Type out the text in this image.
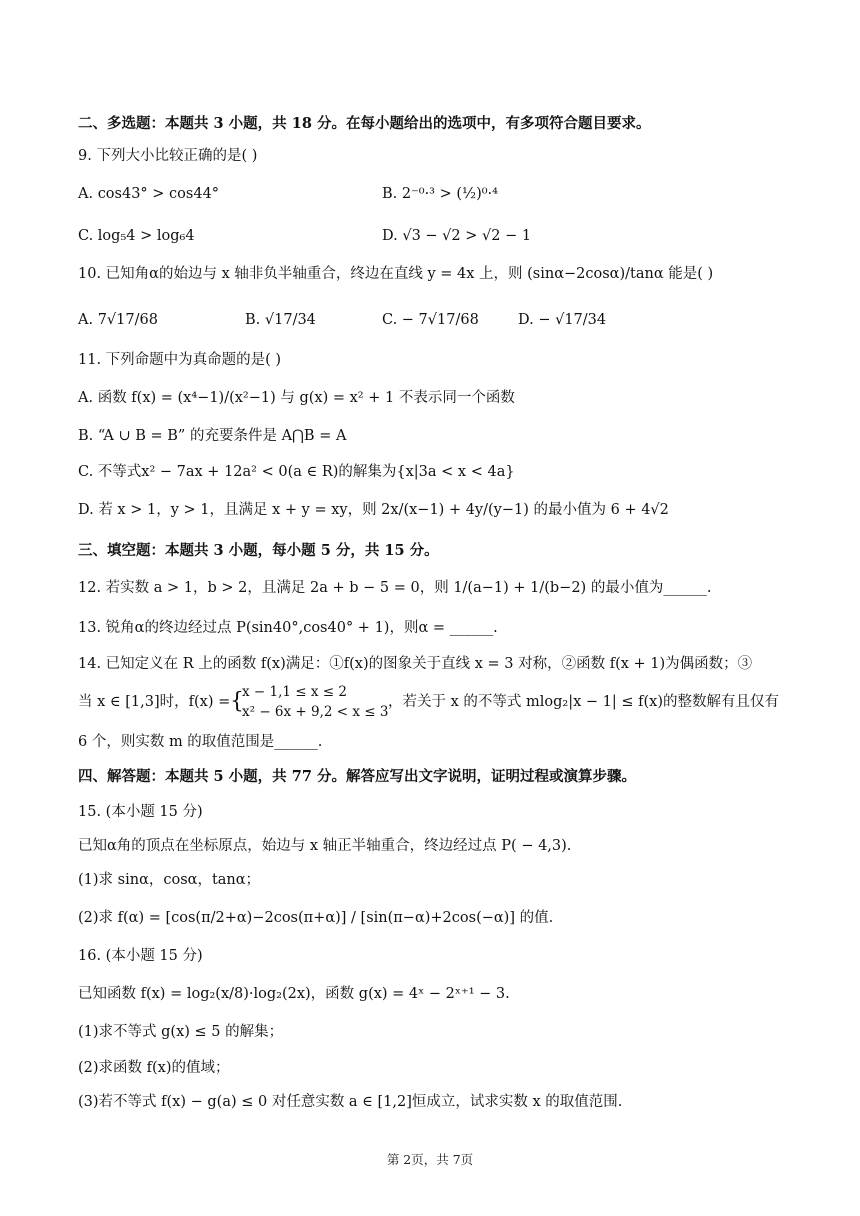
二、多选题：本题共 3 小题，共 18 分。在每小题给出的选项中，有多项符合题目要求。
9. 下列大小比较正确的是( )
A. cos43° > cos44°	B. 2⁻⁰·³ > (½)⁰·⁴
C. log₅4 > log₆4	D. √3 − √2 > √2 − 1
10. 已知角α的始边与 x 轴非负半轴重合，终边在直线 y = 4x 上，则 (sinα−2cosα)/tanα 能是( )
A. 7√17/68	B. √17/34	C. − 7√17/68	D. − √17/34
11. 下列命题中为真命题的是( )
A. 函数 f(x) = (x⁴−1)/(x²−1) 与 g(x) = x² + 1 不表示同一个函数
B. “A ∪ B = B” 的充要条件是 A⋂B = A
C. 不等式x² − 7ax + 12a² < 0(a ∈ R)的解集为{x|3a < x < 4a}
D. 若 x > 1，y > 1，且满足 x + y = xy，则 2x/(x−1) + 4y/(y−1) 的最小值为 6 + 4√2
三、填空题：本题共 3 小题，每小题 5 分，共 15 分。
12. 若实数 a > 1，b > 2，且满足 2a + b − 5 = 0，则 1/(a−1) + 1/(b−2) 的最小值为______.
13. 锐角α的终边经过点 P(sin40°,cos40° + 1)，则α = ______.
14. 已知定义在 R 上的函数 f(x)满足：①f(x)的图象关于直线 x = 3 对称，②函数 f(x + 1)为偶函数；③
当 x ∈ [1,3]时，f(x) = {
x − 1,1 ≤ x ≤ 2
x² − 6x + 9,2 < x ≤ 3
，若关于 x 的不等式 mlog₂|x − 1| ≤ f(x)的整数解有且仅有
6 个，则实数 m 的取值范围是______.
四、解答题：本题共 5 小题，共 77 分。解答应写出文字说明，证明过程或演算步骤。
15. (本小题 15 分)
已知α角的顶点在坐标原点，始边与 x 轴正半轴重合，终边经过点 P( − 4,3).
(1)求 sinα，cosα，tanα；
(2)求 f(α) = [cos(π/2+α)−2cos(π+α)] / [sin(π−α)+2cos(−α)] 的值.
16. (本小题 15 分)
已知函数 f(x) = log₂(x/8)·log₂(2x)，函数 g(x) = 4ˣ − 2ˣ⁺¹ − 3.
(1)求不等式 g(x) ≤ 5 的解集；
(2)求函数 f(x)的值域；
(3)若不等式 f(x) − g(a) ≤ 0 对任意实数 a ∈ [1,2]恒成立，试求实数 x 的取值范围.
第 2页，共 7页
